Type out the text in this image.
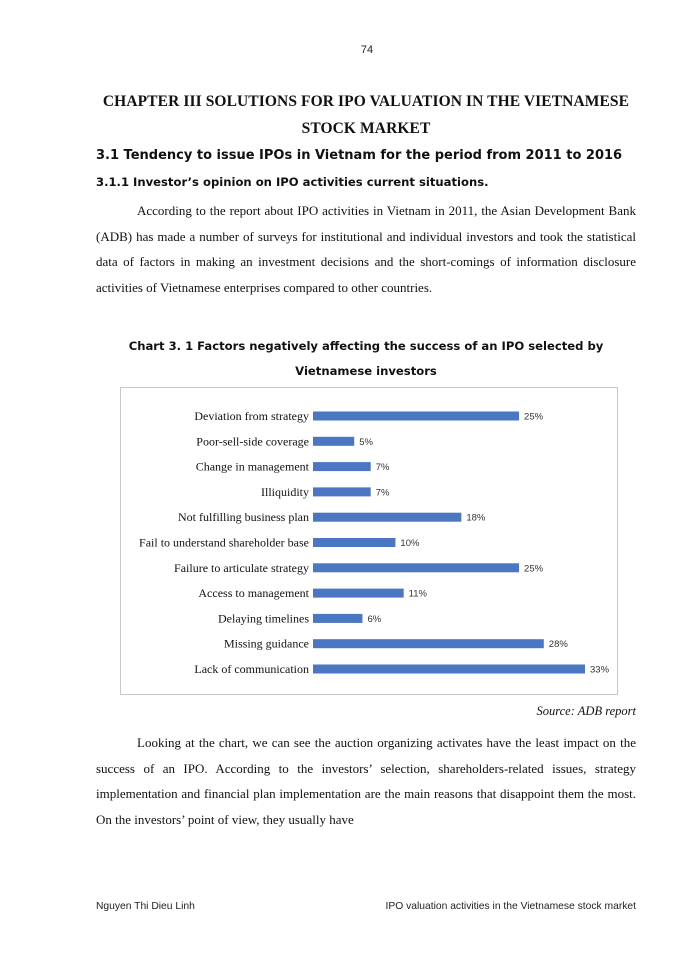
74
CHAPTER III SOLUTIONS FOR IPO VALUATION IN THE VIETNAMESE STOCK MARKET
3.1 Tendency to issue IPOs in Vietnam for the period from 2011 to 2016
3.1.1 Investor’s opinion on IPO activities current situations.

According to the report about IPO activities in Vietnam in 2011, the Asian Development Bank (ADB) has made a number of surveys for institutional and individual investors and took the statistical data of factors in making an investment decisions and the short-comings of information disclosure activities of Vietnamese enterprises compared to other countries.

Chart 3. 1 Factors negatively affecting the success of an IPO selected by Vietnamese investors
Deviation from strategy	25%
Poor-sell-side coverage	5%
Change in management	7%
Illiquidity	7%
Not fulfilling business plan	18%
Fail to understand shareholder base	10%
Failure to articulate strategy	25%
Access to management	11%
Delaying timelines	6%
Missing guidance	28%
Lack of communication	33%
Source: ADB report

Looking at the chart, we can see the auction organizing activates have the least impact on the success of an IPO. According to the investors’ selection, shareholders-related issues, strategy implementation and financial plan implementation are the main reasons that disappoint them the most. On the investors’ point of view, they usually have

Nguyen Thi Dieu Linh	IPO valuation activities in the Vietnamese stock market
